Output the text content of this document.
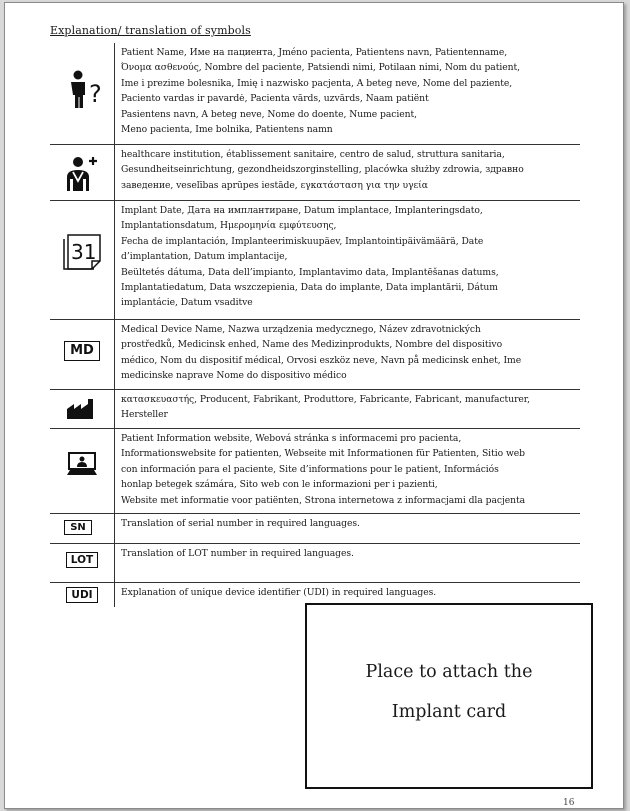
Explanation/ translation of symbols
?
Patient Name, Име на пациента, Jméno pacienta, Patientens navn, Patientenname,
Όνομα ασθενούς, Nombre del paciente, Patsiendi nimi, Potilaan nimi, Nom du patient,
Ime i prezime bolesnika, Imię i nazwisko pacjenta, A beteg neve, Nome del paziente,
Paciento vardas ir pavardė, Pacienta vārds, uzvārds, Naam patiënt
Pasientens navn, A beteg neve, Nome do doente, Nume pacient,
Meno pacienta, Ime bolnika, Patientens namn
healthcare institution, établissement sanitaire, centro de salud, struttura sanitaria,
Gesundheitseinrichtung, gezondheidszorginstelling, placówka służby zdrowia, здравно
заведение, veselības aprūpes iestāde, εγκατάσταση για την υγεία
31
Implant Date, Дата на имплантиране, Datum implantace, Implanteringsdato,
Implantationsdatum, Ημερομηνία εμφύτευσης,
Fecha de implantación, Implanteerimiskuupäev, Implantointipäivämäärä, Date
d’implantation, Datum implantacije,
Beültetés dátuma, Data dell’impianto, Implantavimo data, Implantēšanas datums,
Implantatiedatum, Data wszczepienia, Data do implante, Data implantării, Dátum
implantácie, Datum vsaditve
MD
Medical Device Name, Nazwa urządzenia medycznego, Název zdravotnických
prostředků, Medicinsk enhed, Name des Medizinprodukts, Nombre del dispositivo
médico, Nom du dispositif médical, Orvosi eszköz neve, Navn på medicinsk enhet, Ime
medicinske naprave Nome do dispositivo médico
κατασκευαστής, Producent, Fabrikant, Produttore, Fabricante, Fabricant, manufacturer,
Hersteller
Patient Information website, Webová stránka s informacemi pro pacienta,
Informationswebsite for patienten, Webseite mit Informationen für Patienten, Sitio web
con información para el paciente, Site d’informations pour le patient, Információs
honlap betegek számára, Sito web con le informazioni per i pazienti,
Website met informatie voor patiënten, Strona internetowa z informacjami dla pacjenta
SN	Translation of serial number in required languages.
LOT
Translation of LOT number in required languages.
UDI	Explanation of unique device identifier (UDI) in required languages.
Place to attach the
Implant card
16
